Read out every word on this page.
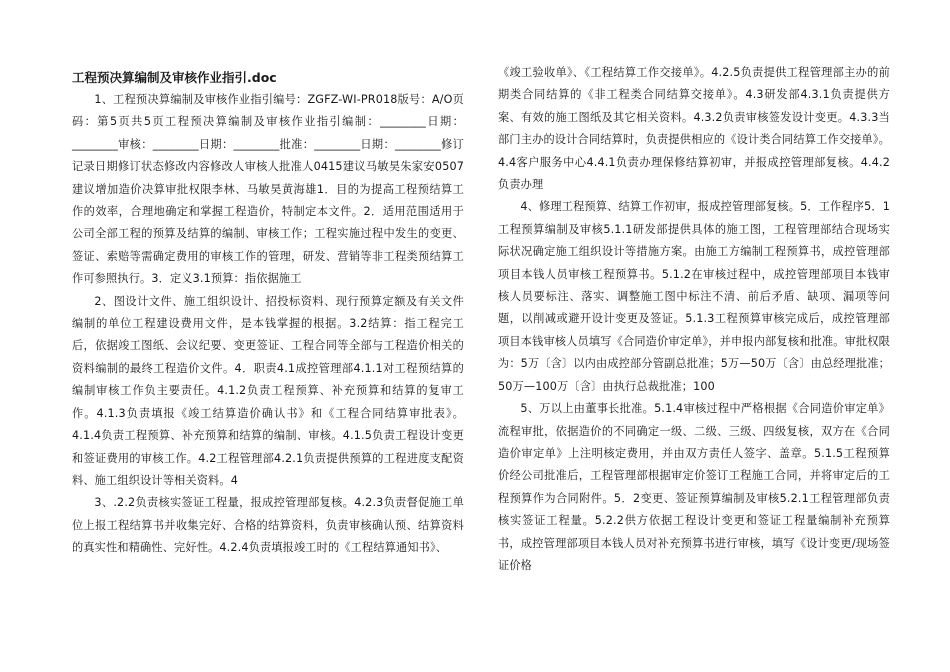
工程预决算编制及审核作业指引.doc

1、工程预决算编制及审核作业指引编号：ZGFZ-WI-PR018版号：A/O页码：第5页共5页工程预决算编制及审核作业指引编制：________日期：________审核：________日期：________批准：________日期：________修订记录日期修订状态修改内容修改人审核人批准人0415建议马敏昊朱家安0507建议增加造价决算审批权限李林、马敏昊黄海雄1．目的为提高工程预结算工作的效率，合理地确定和掌握工程造价，特制定本文件。2．适用范围适用于公司全部工程的预算及结算的编制、审核工作；工程实施过程中发生的变更、签证、索赔等需确定费用的审核工作的管理，研发、营销等非工程类预结算工作可参照执行。3．定义3.1预算：指依据施工

2、图设计文件、施工组织设计、招投标资料、现行预算定额及有关文件编制的单位工程建设费用文件，是本钱掌握的根据。3.2结算：指工程完工后，依据竣工图纸、会议纪要、变更签证、工程合同等全部与工程造价相关的资料编制的最终工程造价文件。4．职责4.1成控管理部4.1.1对工程预结算的编制审核工作负主要责任。4.1.2负责工程预算、补充预算和结算的复审工作。4.1.3负责填报《竣工结算造价确认书》和《工程合同结算审批表》。4.1.4负责工程预算、补充预算和结算的编制、审核。4.1.5负责工程设计变更和签证费用的审核工作。4.2工程管理部4.2.1负责提供预算的工程进度支配资料、施工组织设计等相关资料。4

3、.2.2负责核实签证工程量，报成控管理部复核。4.2.3负责督促施工单位上报工程结算书并收集完好、合格的结算资料，负责审核确认预、结算资料的真实性和精确性、完好性。4.2.4负责填报竣工时的《工程结算通知书》、

《竣工验收单》、《工程结算工作交接单》。4.2.5负责提供工程管理部主办的前期类合同结算的《非工程类合同结算交接单》。4.3研发部4.3.1负责提供方案、有效的施工图纸及其它相关资料。4.3.2负责审核签发设计变更。4.3.3当部门主办的设计合同结算时，负责提供相应的《设计类合同结算工作交接单》。4.4客户服务中心4.4.1负责办理保修结算初审，并报成控管理部复核。4.4.2负责办理

4、修理工程预算、结算工作初审，报成控管理部复核。5．工作程序5．1工程预算编制及审核5.1.1研发部提供具体的施工图，工程管理部结合现场实际状况确定施工组织设计等措施方案。由施工方编制工程预算书，成控管理部项目本钱人员审核工程预算书。5.1.2在审核过程中，成控管理部项目本钱审核人员要标注、落实、调整施工图中标注不清、前后矛盾、缺项、漏项等问题，以削减或避开设计变更及签证。5.1.3工程预算审核完成后，成控管理部项目本钱审核人员填写《合同造价审定单》，并申报内部复核和批准。审批权限为：5万〔含〕以内由成控部分管副总批准；5万—50万〔含〕由总经理批准；50万—100万〔含〕由执行总裁批准；100

5、万以上由董事长批准。5.1.4审核过程中严格根据《合同造价审定单》流程审批，依据造价的不同确定一级、二级、三级、四级复核，双方在《合同造价审定单》上注明核定费用，并由双方责任人签字、盖章。5.1.5工程预算价经公司批准后，工程管理部根据审定价签订工程施工合同，并将审定后的工程预算作为合同附件。5．2变更、签证预算编制及审核5.2.1工程管理部负责核实签证工程量。5.2.2供方依据工程设计变更和签证工程量编制补充预算书，成控管理部项目本钱人员对补充预算书进行审核，填写《设计变更/现场签证价格
